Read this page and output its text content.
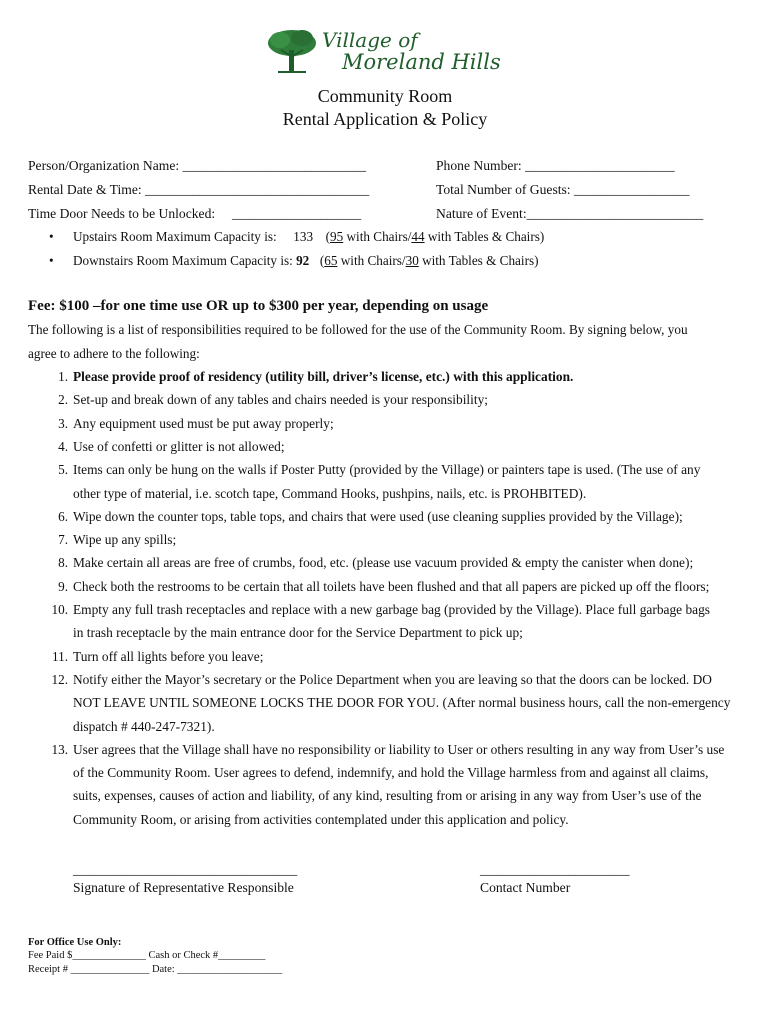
Village of
Moreland Hills
Community Room
Rental Application & Policy
Person/Organization Name: ___________________________	Phone Number: ______________________
Rental Date & Time: _________________________________	Total Number of Guests: _________________
Time Door Needs to be Unlocked: ___________________	Nature of Event:__________________________
• Upstairs Room Maximum Capacity is: 133 (95 with Chairs/44 with Tables & Chairs)
• Downstairs Room Maximum Capacity is: 92 (65 with Chairs/30 with Tables & Chairs)
Fee: $100 –for one time use OR up to $300 per year, depending on usage
The following is a list of responsibilities required to be followed for the use of the Community Room. By signing below, you
agree to adhere to the following:
1. Please provide proof of residency (utility bill, driver’s license, etc.) with this application.
2. Set-up and break down of any tables and chairs needed is your responsibility;
3. Any equipment used must be put away properly;
4. Use of confetti or glitter is not allowed;
5. Items can only be hung on the walls if Poster Putty (provided by the Village) or painters tape is used. (The use of any
other type of material, i.e. scotch tape, Command Hooks, pushpins, nails, etc. is PROHBITED).
6. Wipe down the counter tops, table tops, and chairs that were used (use cleaning supplies provided by the Village);
7. Wipe up any spills;
8. Make certain all areas are free of crumbs, food, etc. (please use vacuum provided & empty the canister when done);
9. Check both the restrooms to be certain that all toilets have been flushed and that all papers are picked up off the floors;
10. Empty any full trash receptacles and replace with a new garbage bag (provided by the Village). Place full garbage bags
in trash receptacle by the main entrance door for the Service Department to pick up;
11. Turn off all lights before you leave;
12. Notify either the Mayor’s secretary or the Police Department when you are leaving so that the doors can be locked. DO
NOT LEAVE UNTIL SOMEONE LOCKS THE DOOR FOR YOU. (After normal business hours, call the non-emergency
dispatch # 440-247-7321).
13. User agrees that the Village shall have no responsibility or liability to User or others resulting in any way from User’s use
of the Community Room. User agrees to defend, indemnify, and hold the Village harmless from and against all claims,
suits, expenses, causes of action and liability, of any kind, resulting from or arising in any way from User’s use of the
Community Room, or arising from activities contemplated under this application and policy.
_________________________________
Signature of Representative Responsible
______________________
Contact Number
For Office Use Only:
Fee Paid $______________ Cash or Check #_________
Receipt # _______________ Date: ____________________
